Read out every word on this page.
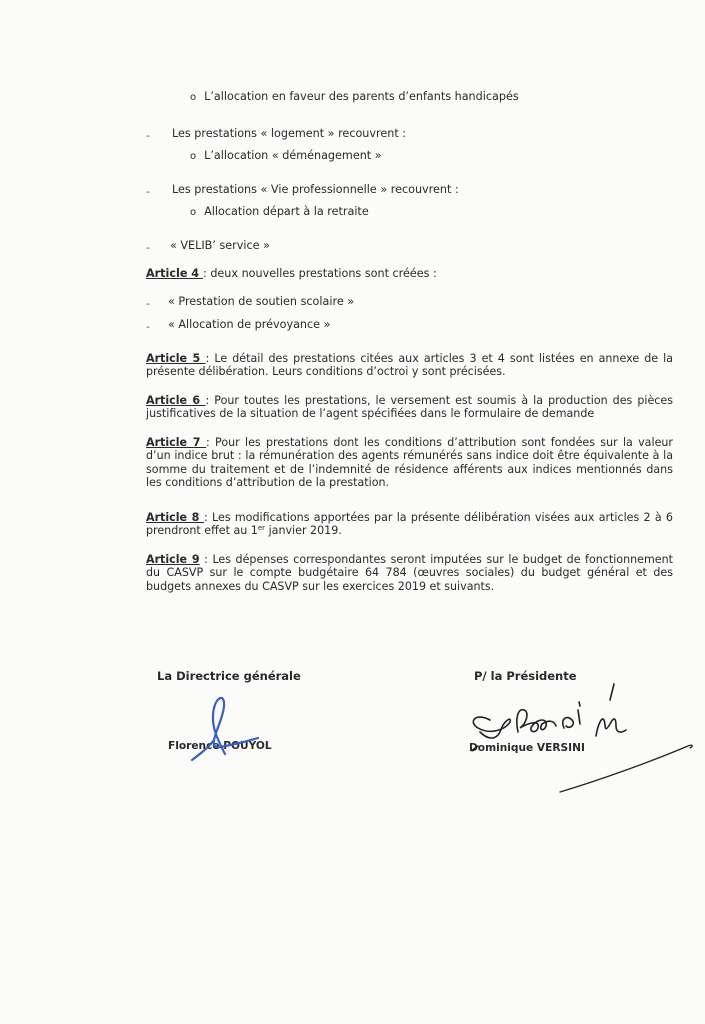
o L’allocation en faveur des parents d’enfants handicapés
- Les prestations « logement » recouvrent :
o L’allocation « déménagement »
- Les prestations « Vie professionnelle » recouvrent :
o Allocation départ à la retraite
- « VELIB’ service »
Article 4 : deux nouvelles prestations sont créées :
- « Prestation de soutien scolaire »
- « Allocation de prévoyance »
Article 5 : Le détail des prestations citées aux articles 3 et 4 sont listées en annexe de la présente délibération. Leurs conditions d’octroi y sont précisées.
Article 6 : Pour toutes les prestations, le versement est soumis à la production des pièces justificatives de la situation de l’agent spécifiées dans le formulaire de demande
Article 7 : Pour les prestations dont les conditions d’attribution sont fondées sur la valeur d’un indice brut : la rémunération des agents rémunérés sans indice doit être équivalente à la somme du traitement et de l’indemnité de résidence afférents aux indices mentionnés dans les conditions d’attribution de la prestation.
Article 8 : Les modifications apportées par la présente délibération visées aux articles 2 à 6 prendront effet au 1er janvier 2019.
Article 9 : Les dépenses correspondantes seront imputées sur le budget de fonctionnement du CASVP sur le compte budgétaire 64 784 (œuvres sociales) du budget général et des budgets annexes du CASVP sur les exercices 2019 et suivants.
La Directrice générale
Florence POUYOL
P/ la Présidente
Dominique VERSINI
